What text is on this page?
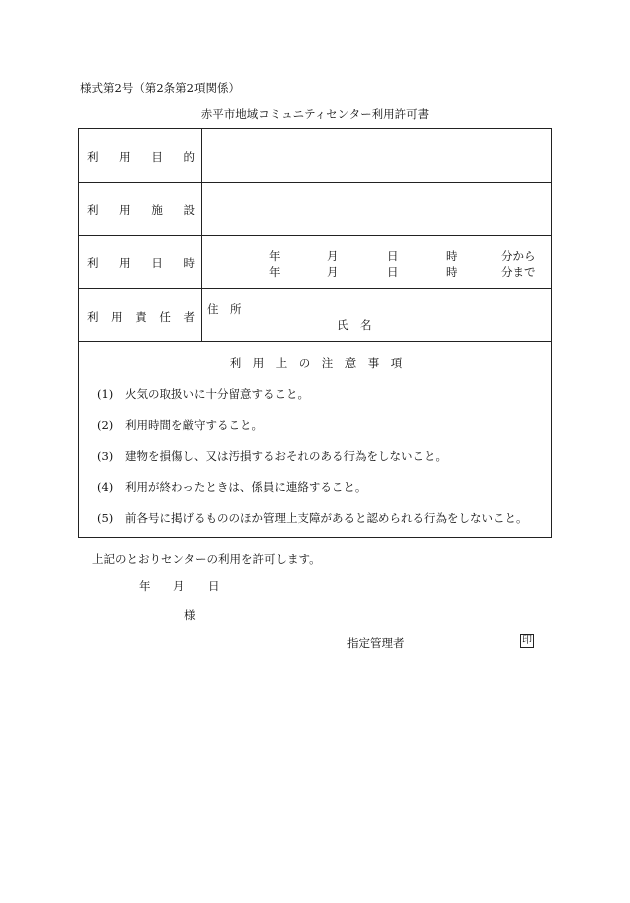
様式第2号（第2条第2項関係）
赤平市地域コミュニティセンター利用許可書
利 用 目 的
利 用 施 設
利 用 日 時	年	月	日	時	分から
年	月	日	時	分まで
利 用 責 任 者
住　所
氏　名
利　用　上　の　注　意　事　項
(1) 火気の取扱いに十分留意すること。
(2) 利用時間を厳守すること。
(3) 建物を損傷し、又は汚損するおそれのある行為をしないこと。
(4) 利用が終わったときは、係員に連絡すること。
(5) 前各号に掲げるもののほか管理上支障があると認められる行為をしないこと。
上記のとおりセンターの利用を許可します。
年 月 日
様
指定管理者	印
